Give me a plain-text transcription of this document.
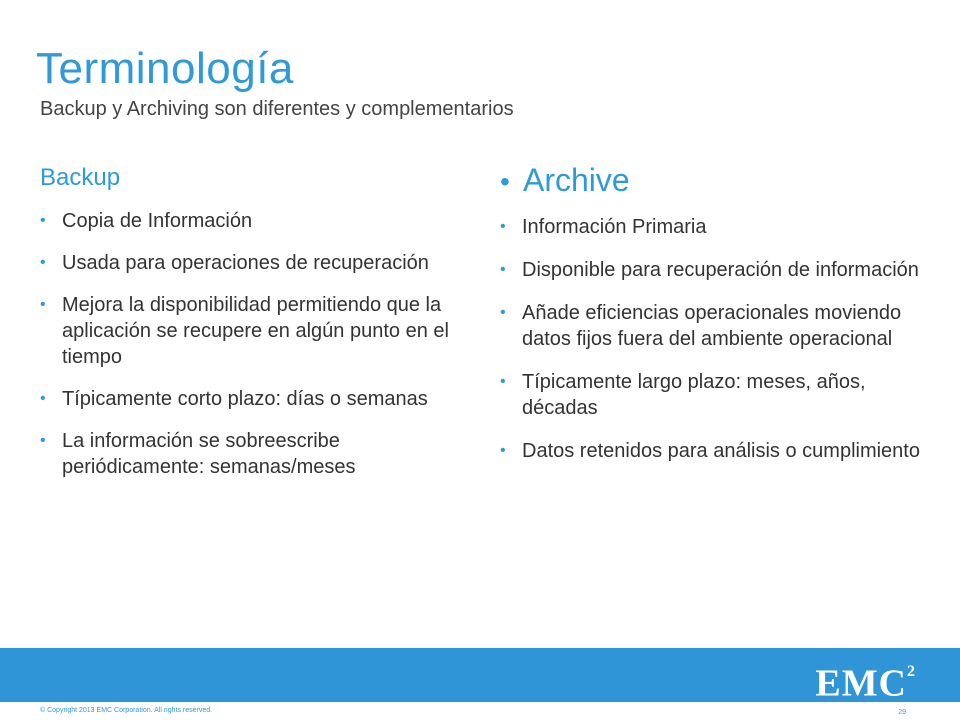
Terminología
Backup y Archiving son diferentes y complementarios
Backup
• Copia de Información
• Usada para operaciones de recuperación
• Mejora la disponibilidad permitiendo que la aplicación se recupere en algún punto en el tiempo
• Típicamente corto plazo: días o semanas
• La información se sobreescribe periódicamente: semanas/meses
• Archive
• Información Primaria
• Disponible para recuperación de información
• Añade eficiencias operacionales moviendo datos fijos fuera del ambiente operacional
• Típicamente largo plazo: meses, años, décadas
• Datos retenidos para análisis o cumplimiento
EMC$^2$
© Copyright 2013 EMC Corporation. All rights reserved.	29
